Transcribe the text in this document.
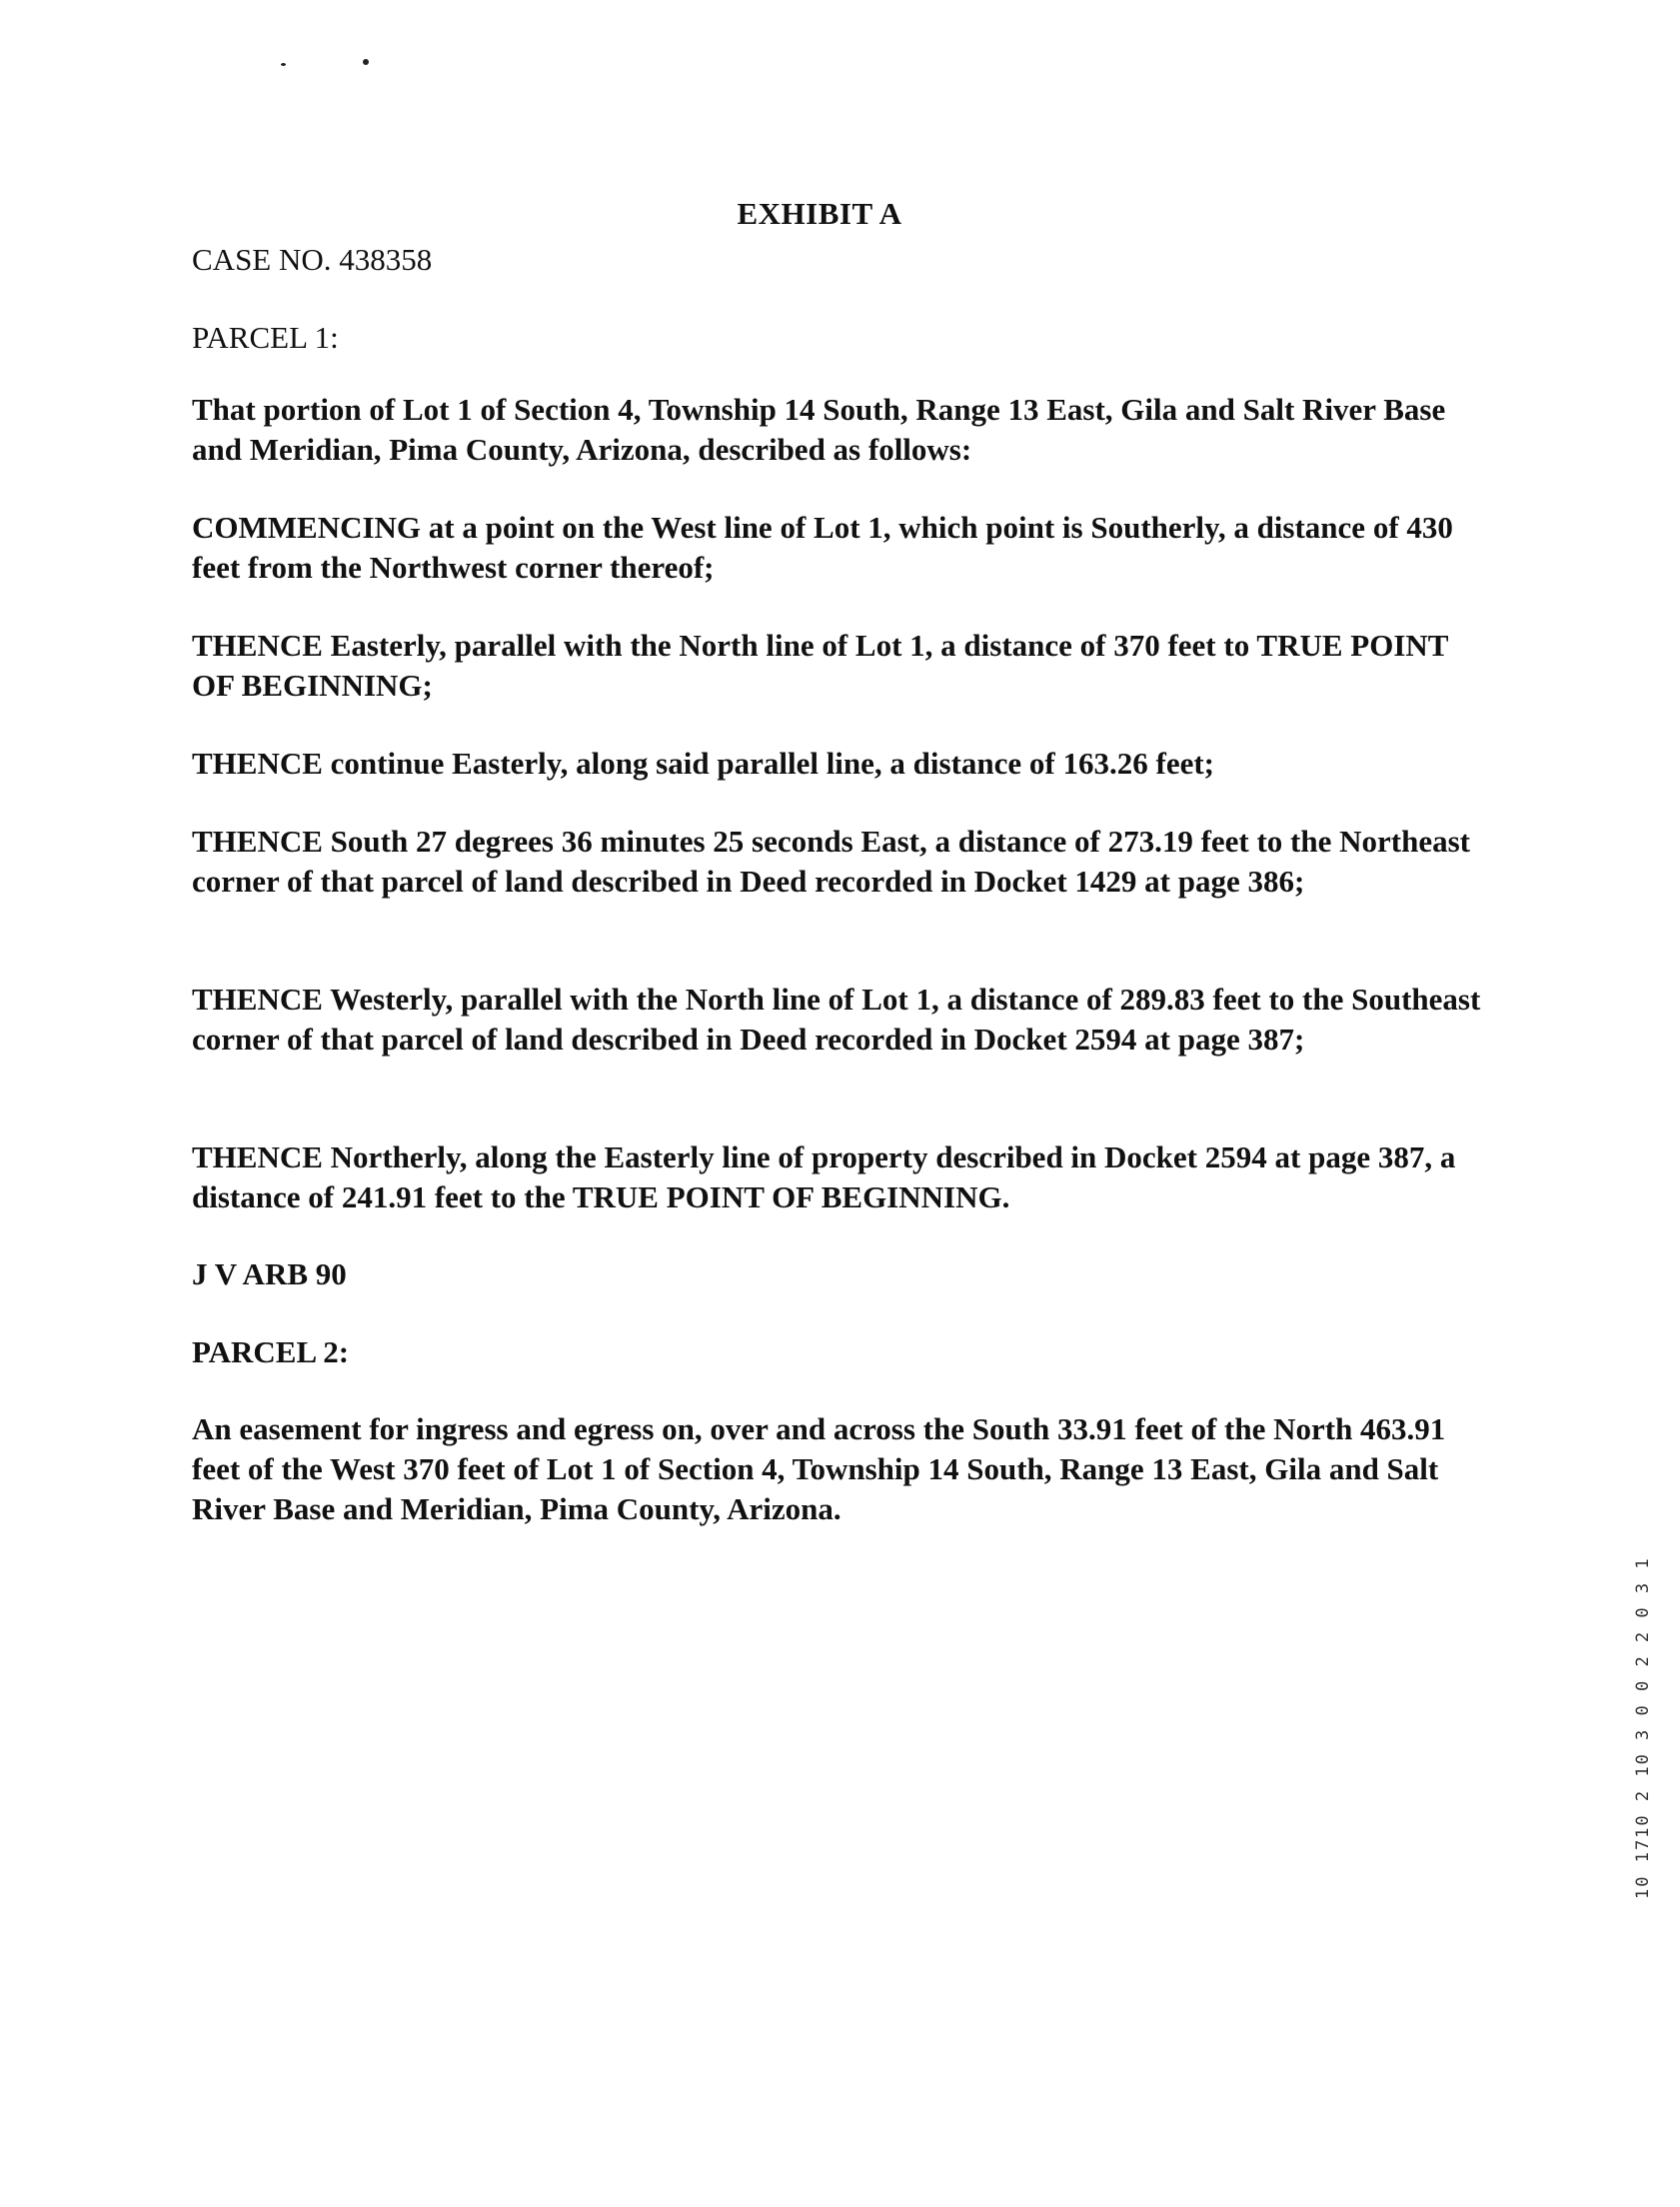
EXHIBIT A
CASE NO. 438358
PARCEL 1:
That portion of Lot 1 of Section 4, Township 14 South, Range 13 East, Gila and Salt River Base and Meridian, Pima County, Arizona, described as follows:
COMMENCING at a point on the West line of Lot 1, which point is Southerly, a distance of 430 feet from the Northwest corner thereof;
THENCE Easterly, parallel with the North line of Lot 1, a distance of 370 feet to TRUE POINT OF BEGINNING;
THENCE continue Easterly, along said parallel line, a distance of 163.26 feet;
THENCE South 27 degrees 36 minutes 25 seconds East, a distance of 273.19 feet to the Northeast corner of that parcel of land described in Deed recorded in Docket 1429 at page 386;
THENCE Westerly, parallel with the North line of Lot 1, a distance of 289.83 feet to the Southeast corner of that parcel of land described in Deed recorded in Docket 2594 at page 387;
THENCE Northerly, along the Easterly line of property described in Docket 2594 at page 387, a distance of 241.91 feet to the TRUE POINT OF BEGINNING.
J V ARB 90
PARCEL 2:
An easement for ingress and egress on, over and across the South 33.91 feet of the North 463.91 feet of the West 370 feet of Lot 1 of Section 4, Township 14 South, Range 13 East, Gila and Salt River Base and Meridian, Pima County, Arizona.
10 1710 2 10 3 0 0 2 2 0 3 1
